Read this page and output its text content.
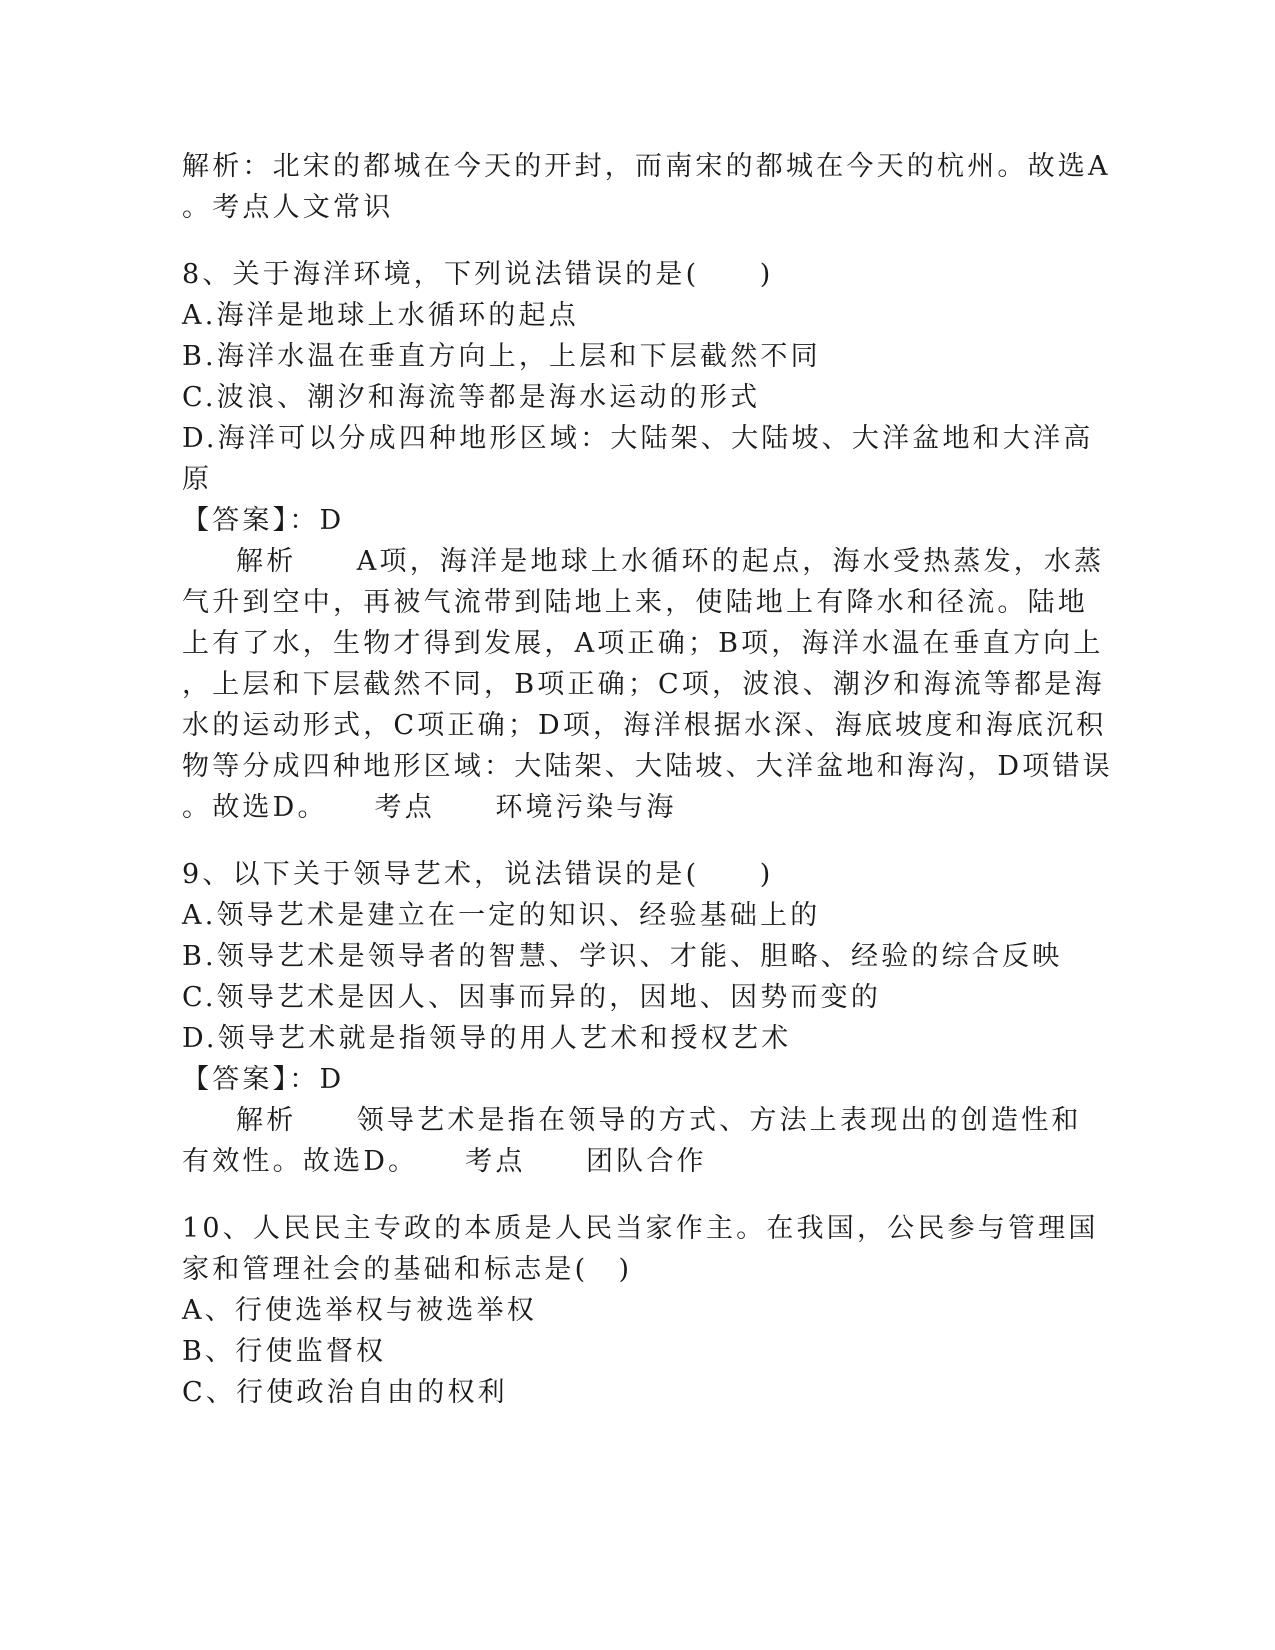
解析：北宋的都城在今天的开封，而南宋的都城在今天的杭州。故选A
。考点人文常识
8、关于海洋环境，下列说法错误的是(　　)
A.海洋是地球上水循环的起点
B.海洋水温在垂直方向上，上层和下层截然不同
C.波浪、潮汐和海流等都是海水运动的形式
D.海洋可以分成四种地形区域：大陆架、大陆坡、大洋盆地和大洋高
原
【答案】：D
解析　　A项，海洋是地球上水循环的起点，海水受热蒸发，水蒸
气升到空中，再被气流带到陆地上来，使陆地上有降水和径流。陆地
上有了水，生物才得到发展，A项正确；B项，海洋水温在垂直方向上
，上层和下层截然不同，B项正确；C项，波浪、潮汐和海流等都是海
水的运动形式，C项正确；D项，海洋根据水深、海底坡度和海底沉积
物等分成四种地形区域：大陆架、大陆坡、大洋盆地和海沟，D项错误
。故选D。　　考点　　环境污染与海
9、以下关于领导艺术，说法错误的是(　　)
A.领导艺术是建立在一定的知识、经验基础上的
B.领导艺术是领导者的智慧、学识、才能、胆略、经验的综合反映
C.领导艺术是因人、因事而异的，因地、因势而变的
D.领导艺术就是指领导的用人艺术和授权艺术
【答案】：D
解析　　领导艺术是指在领导的方式、方法上表现出的创造性和
有效性。故选D。　　考点　　团队合作
10、人民民主专政的本质是人民当家作主。在我国，公民参与管理国
家和管理社会的基础和标志是(　)
A、行使选举权与被选举权
B、行使监督权
C、行使政治自由的权利
